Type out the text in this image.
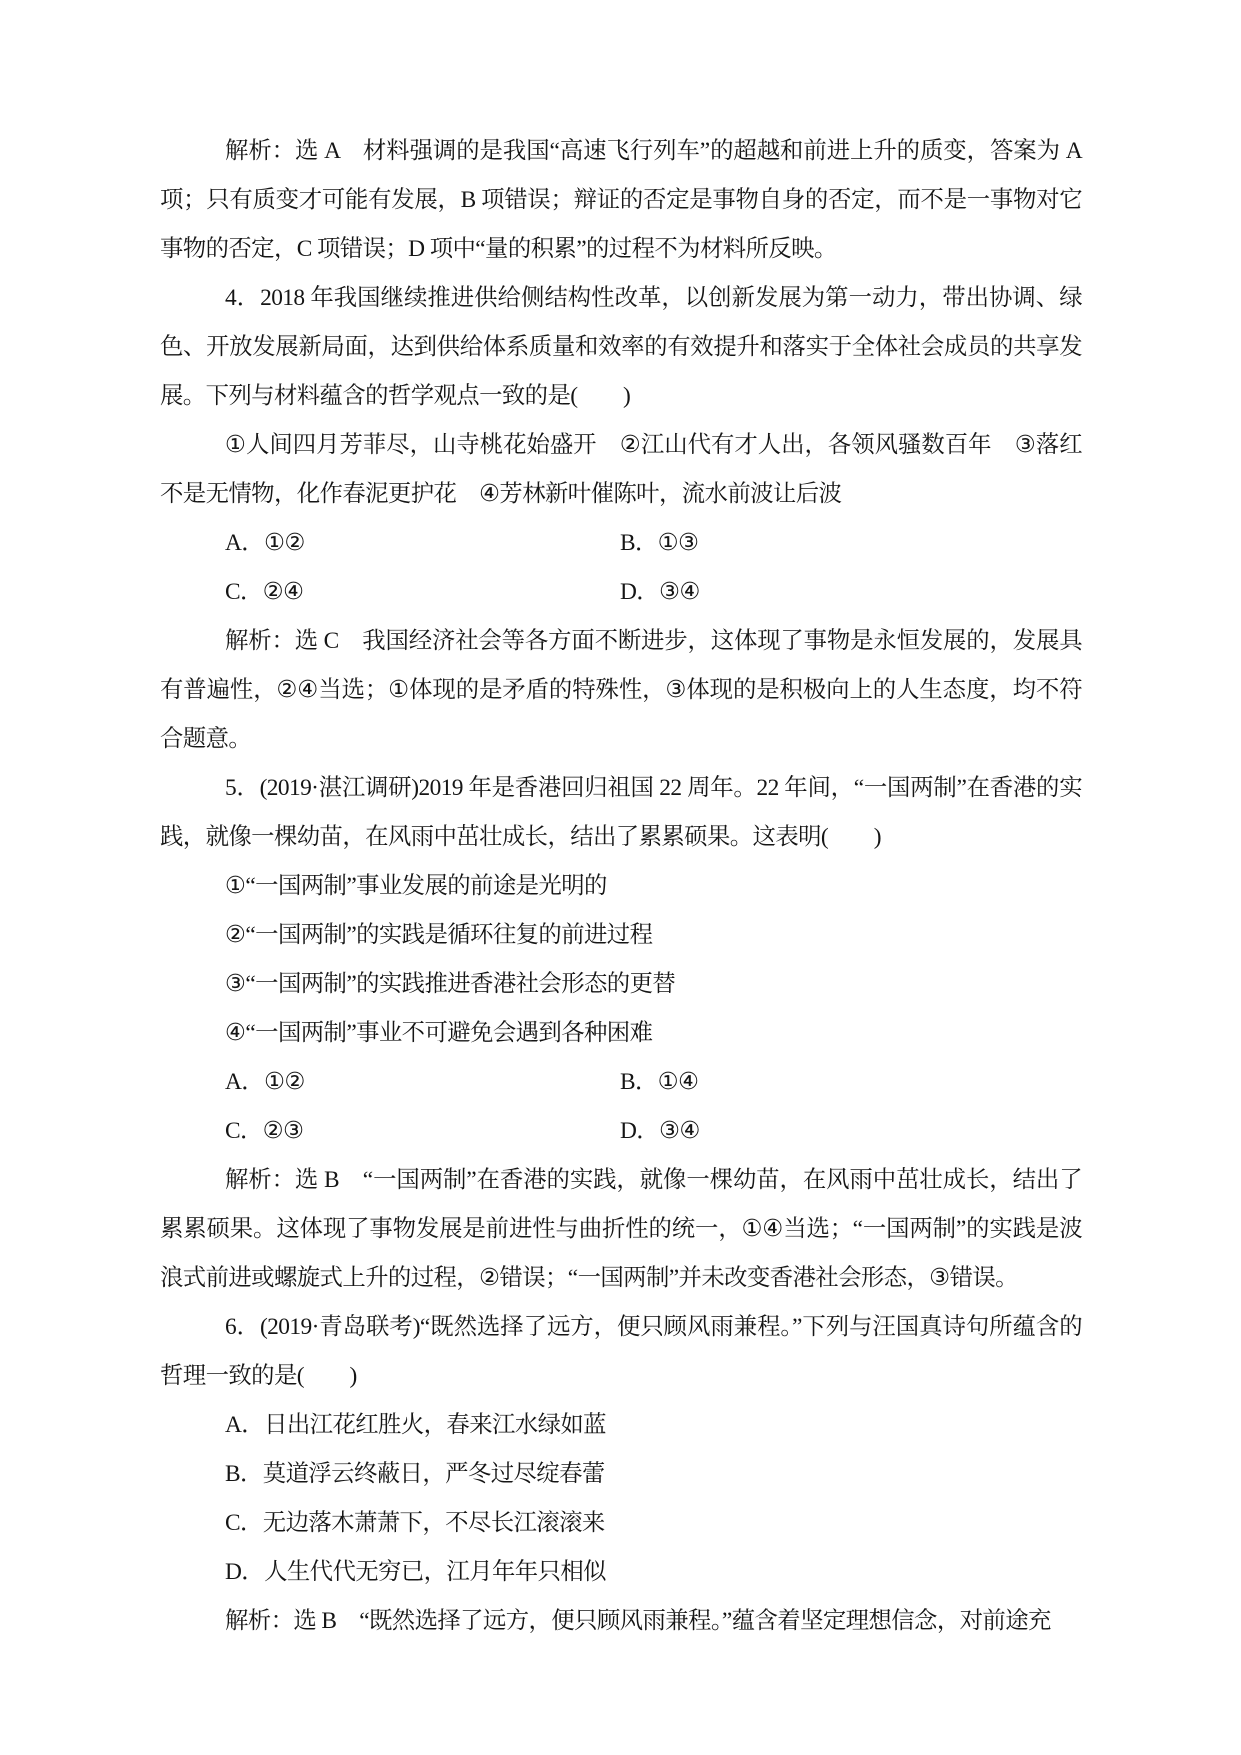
解析：选 A　材料强调的是我国“高速飞行列车”的超越和前进上升的质变，答案为 A 项；只有质变才可能有发展，B 项错误；辩证的否定是事物自身的否定，而不是一事物对它事物的否定，C 项错误；D 项中“量的积累”的过程不为材料所反映。

4．2018 年我国继续推进供给侧结构性改革，以创新发展为第一动力，带出协调、绿色、开放发展新局面，达到供给体系质量和效率的有效提升和落实于全体社会成员的共享发展。下列与材料蕴含的哲学观点一致的是(　　)

①人间四月芳菲尽，山寺桃花始盛开　②江山代有才人出，各领风骚数百年　③落红不是无情物，化作春泥更护花　④芳林新叶催陈叶，流水前波让后波

A．①②	B．①③

C．②④	D．③④

解析：选 C　我国经济社会等各方面不断进步，这体现了事物是永恒发展的，发展具有普遍性，②④当选；①体现的是矛盾的特殊性，③体现的是积极向上的人生态度，均不符合题意。

5．(2019·湛江调研)2019 年是香港回归祖国 22 周年。22 年间，“一国两制”在香港的实践，就像一棵幼苗，在风雨中茁壮成长，结出了累累硕果。这表明(　　)

①“一国两制”事业发展的前途是光明的

②“一国两制”的实践是循环往复的前进过程

③“一国两制”的实践推进香港社会形态的更替

④“一国两制”事业不可避免会遇到各种困难

A．①②	B．①④

C．②③	D．③④

解析：选 B　“一国两制”在香港的实践，就像一棵幼苗，在风雨中茁壮成长，结出了累累硕果。这体现了事物发展是前进性与曲折性的统一，①④当选；“一国两制”的实践是波浪式前进或螺旋式上升的过程，②错误；“一国两制”并未改变香港社会形态，③错误。

6．(2019·青岛联考)“既然选择了远方，便只顾风雨兼程。”下列与汪国真诗句所蕴含的哲理一致的是(　　)

A．日出江花红胜火，春来江水绿如蓝

B．莫道浮云终蔽日，严冬过尽绽春蕾

C．无边落木萧萧下，不尽长江滚滚来

D．人生代代无穷已，江月年年只相似

解析：选 B　“既然选择了远方，便只顾风雨兼程。”蕴含着坚定理想信念，对前途充
